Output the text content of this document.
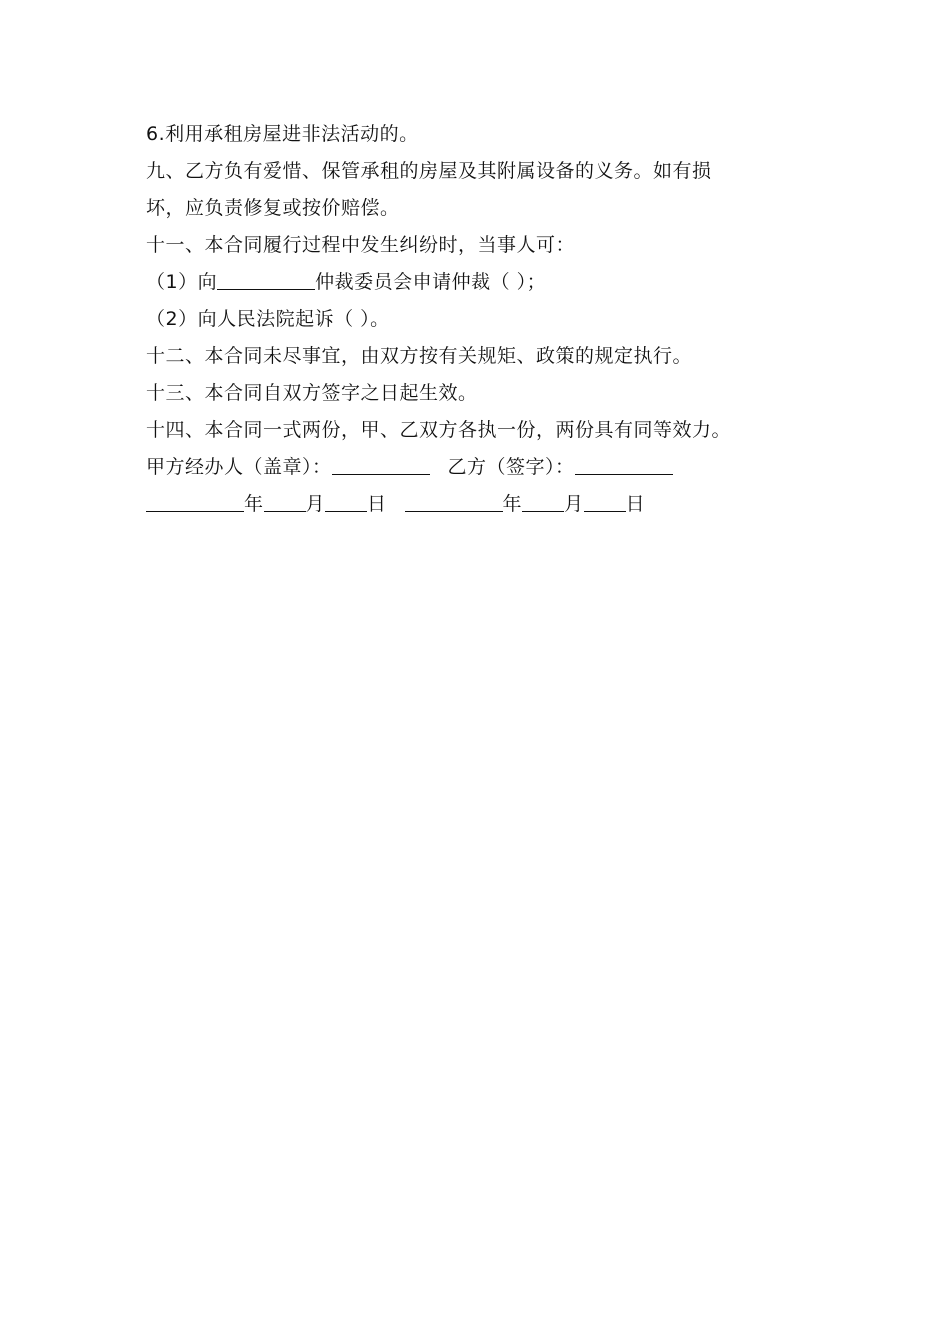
6.利用承租房屋进非法活动的。
九、乙方负有爱惜、保管承租的房屋及其附属设备的义务。如有损
坏，应负责修复或按价赔偿。
十一、本合同履行过程中发生纠纷时，当事人可：
（1）向	仲裁委员会申请仲裁（ ）；
（2）向人民法院起诉（ ）。
十二、本合同未尽事宜，由双方按有关规矩、政策的规定执行。
十三、本合同自双方签字之日起生效。
十四、本合同一式两份，甲、乙双方各执一份，两份具有同等效力。
甲方经办人（盖章）：	乙方（签字）：
年 月 日	年 月 日
